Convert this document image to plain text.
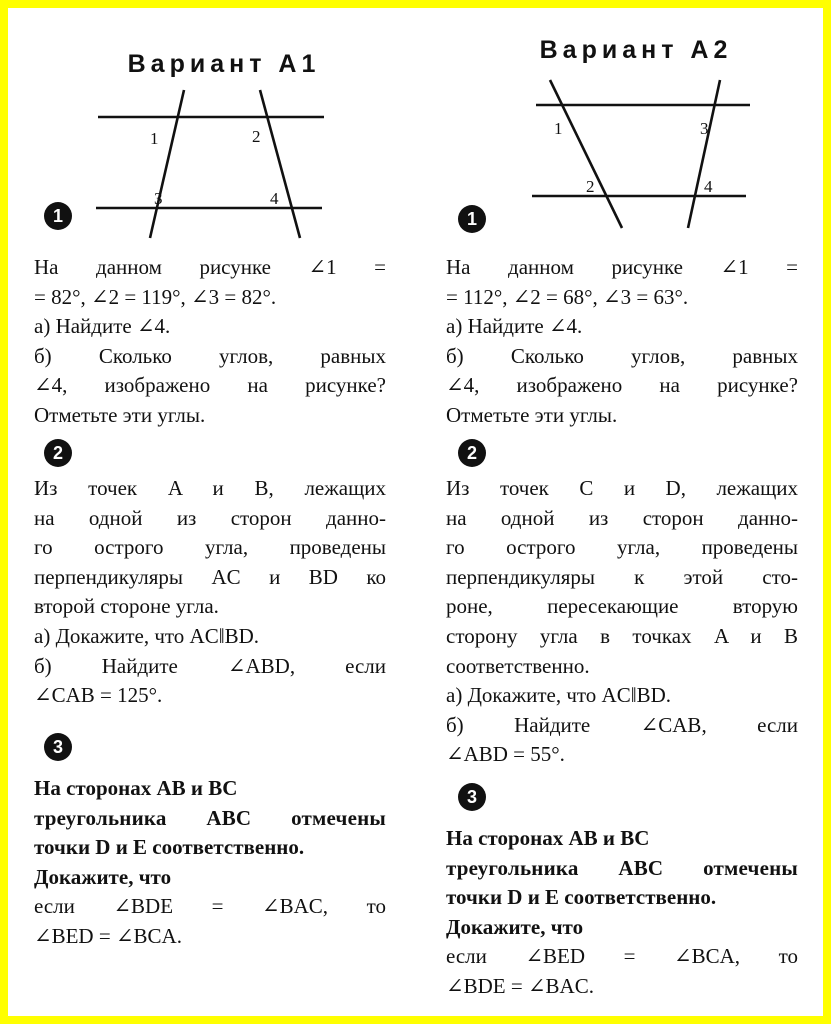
Вариант А1
1	2
3	4
1
На данном рисунке ∠1 =
= 82°, ∠2 = 119°, ∠3 = 82°.
а) Найдите ∠4.
б) Сколько углов, равных
∠4, изображено на рисунке?
Отметьте эти углы.
2
Из точек A и B, лежащих
на одной из сторон данно-
го острого угла, проведены
перпендикуляры AC и BD ко
второй стороне угла.
а) Докажите, что AC‖BD.
б) Найдите ∠ABD, если
∠CAB = 125°.
3
На сторонах AB и BC
треугольника ABC отмечены
точки D и E соответственно.
Докажите, что
если ∠BDE = ∠BAC, то
∠BED = ∠BCA.
Вариант А2
1	3
2	4
1
На данном рисунке ∠1 =
= 112°, ∠2 = 68°, ∠3 = 63°.
а) Найдите ∠4.
б) Сколько углов, равных
∠4, изображено на рисунке?
Отметьте эти углы.
2
Из точек C и D, лежащих
на одной из сторон данно-
го острого угла, проведены
перпендикуляры к этой сто-
роне, пересекающие вторую
сторону угла в точках A и B
соответственно.
а) Докажите, что AC‖BD.
б) Найдите ∠CAB, если
∠ABD = 55°.
3
На сторонах AB и BC
треугольника ABC отмечены
точки D и E соответственно.
Докажите, что
если ∠BED = ∠BCA, то
∠BDE = ∠BAC.
